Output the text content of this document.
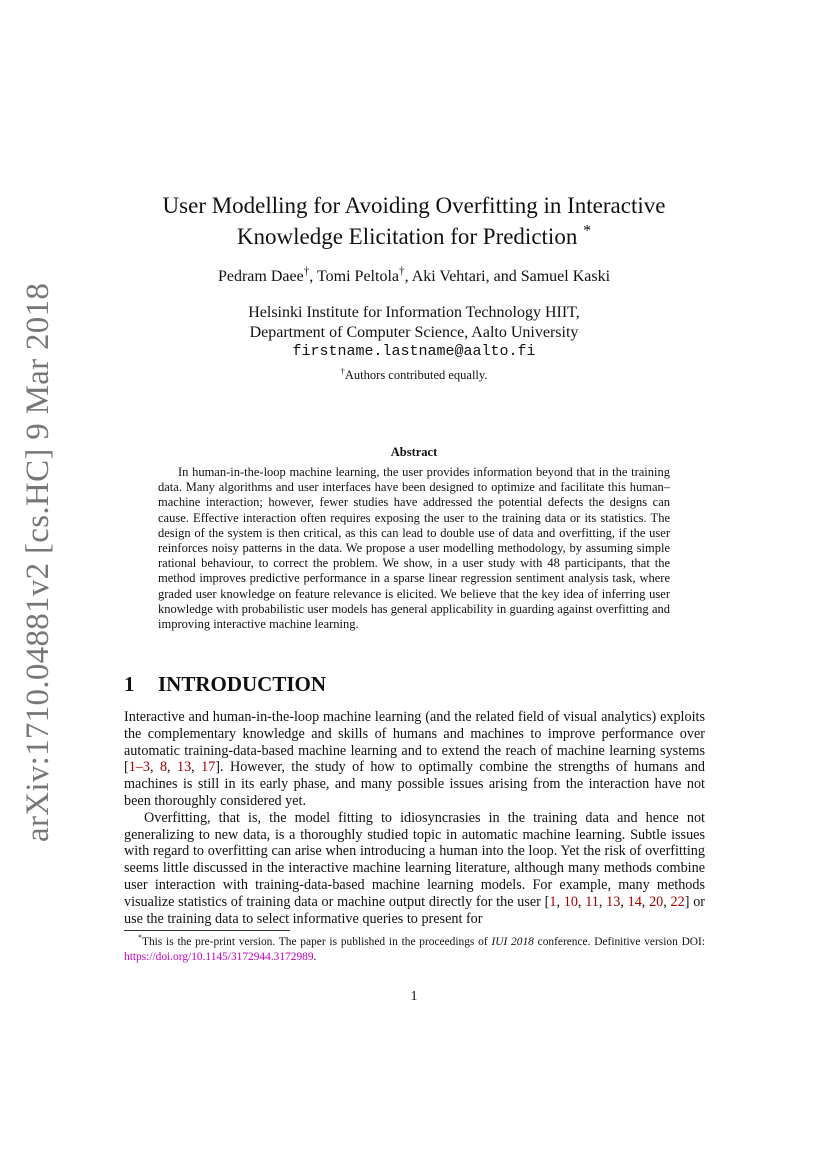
arXiv:1710.04881v2 [cs.HC] 9 Mar 2018
User Modelling for Avoiding Overfitting in Interactive
Knowledge Elicitation for Prediction *
Pedram Daee†, Tomi Peltola†, Aki Vehtari, and Samuel Kaski
Helsinki Institute for Information Technology HIIT,
Department of Computer Science, Aalto University
firstname.lastname@aalto.fi
†Authors contributed equally.
Abstract

In human-in-the-loop machine learning, the user provides information beyond that in the training data. Many algorithms and user interfaces have been designed to optimize and facilitate this human–machine interaction; however, fewer studies have addressed the potential defects the designs can cause. Effective interaction often requires exposing the user to the training data or its statistics. The design of the system is then critical, as this can lead to double use of data and overfitting, if the user reinforces noisy patterns in the data. We propose a user modelling methodology, by assuming simple rational behaviour, to correct the problem. We show, in a user study with 48 participants, that the method improves predictive performance in a sparse linear regression sentiment analysis task, where graded user knowledge on feature relevance is elicited. We believe that the key idea of inferring user knowledge with probabilistic user models has general applicability in guarding against overfitting and improving interactive machine learning.

1 INTRODUCTION

Interactive and human-in-the-loop machine learning (and the related field of visual analytics) exploits the complementary knowledge and skills of humans and machines to improve performance over automatic training-data-based machine learning and to extend the reach of machine learning systems [1–3, 8, 13, 17]. However, the study of how to optimally combine the strengths of humans and machines is still in its early phase, and many possible issues arising from the interaction have not been thoroughly considered yet.

Overfitting, that is, the model fitting to idiosyncrasies in the training data and hence not generalizing to new data, is a thoroughly studied topic in automatic machine learning. Subtle issues with regard to overfitting can arise when introducing a human into the loop. Yet the risk of overfitting seems little discussed in the interactive machine learning literature, although many methods combine user interaction with training-data-based machine learning models. For example, many methods visualize statistics of training data or machine output directly for the user [1, 10, 11, 13, 14, 20, 22] or use the training data to select informative queries to present for

*This is the pre-print version. The paper is published in the proceedings of IUI 2018 conference. Definitive version DOI: https://doi.org/10.1145/3172944.3172989.
1
